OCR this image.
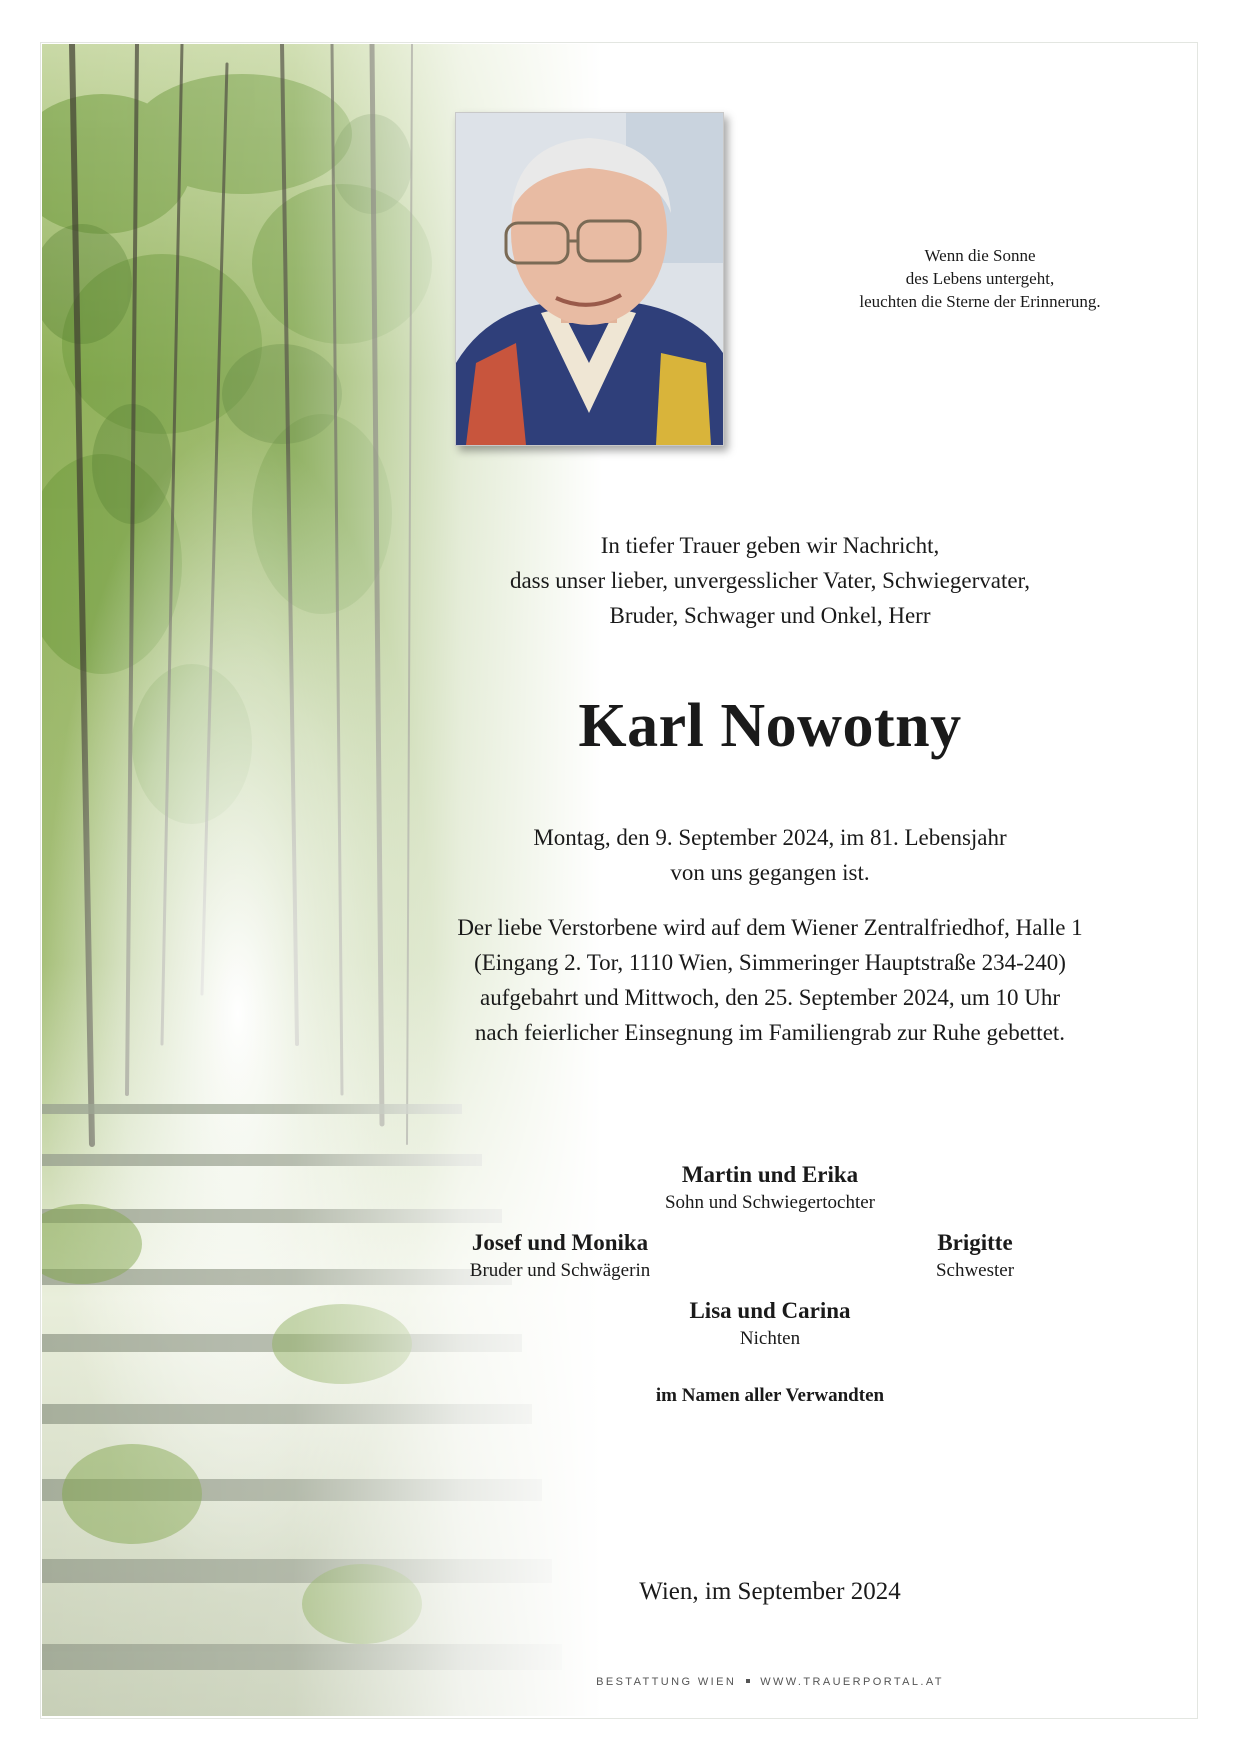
Wenn die Sonne
des Lebens untergeht,
leuchten die Sterne der Erinnerung.
In tiefer Trauer geben wir Nachricht,
dass unser lieber, unvergesslicher Vater, Schwiegervater,
Bruder, Schwager und Onkel, Herr
Karl Nowotny
Montag, den 9. September 2024, im 81. Lebensjahr
von uns gegangen ist.
Der liebe Verstorbene wird auf dem Wiener Zentralfriedhof, Halle 1
(Eingang 2. Tor, 1110 Wien, Simmeringer Hauptstraße 234-240)
aufgebahrt und Mittwoch, den 25. September 2024, um 10 Uhr
nach feierlicher Einsegnung im Familiengrab zur Ruhe gebettet.
Martin und Erika
Sohn und Schwiegertochter
Josef und Monika
Bruder und Schwägerin
Brigitte
Schwester
Lisa und Carina
Nichten
im Namen aller Verwandten
Wien, im September 2024
BESTATTUNG WIEN WWW.TRAUERPORTAL.AT
